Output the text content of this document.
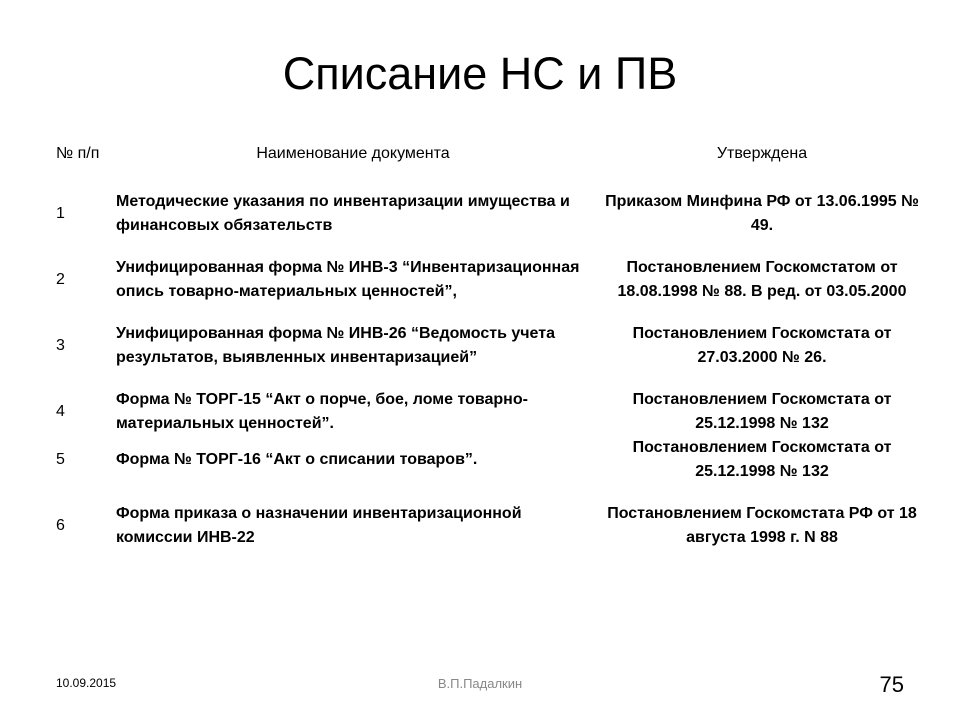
Списание НС и ПВ
№ п/п	Наименование документа	Утверждена
1	Методические указания по инвентаризации имущества и финансовых обязательств	Приказом Минфина РФ от 13.06.1995 № 49.
2	Унифицированная форма № ИНВ-3 “Инвентаризационная опись товарно-материальных ценностей”,	Постановлением Госкомстатом от 18.08.1998 № 88. В ред. от 03.05.2000
3	Унифицированная форма № ИНВ-26 “Ведомость учета результатов, выявленных инвентаризацией”	Постановлением Госкомстата от 27.03.2000 № 26.
4	Форма № ТОРГ-15 “Акт о порче, бое, ломе товарно-материальных ценностей”.	Постановлением Госкомстата от 25.12.1998 № 132
5	Форма № ТОРГ-16 “Акт о списании товаров”.	Постановлением Госкомстата от 25.12.1998 № 132
6	Форма приказа о назначении инвентаризационной комиссии ИНВ-22	Постановлением Госкомстата РФ от 18 августа 1998 г. N 88
10.09.2015	В.П.Падалкин	75
